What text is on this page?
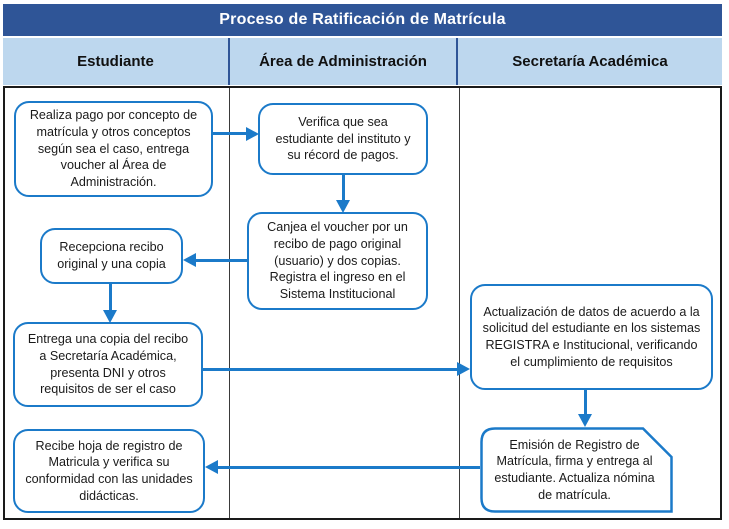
Proceso de Ratificación de Matrícula
Estudiante	Área de Administración	Secretaría Académica
Realiza pago por concepto de matrícula y otros conceptos según sea el caso, entrega voucher al Área de Administración.
Verifica que sea estudiante del instituto y su récord de pagos.
Canjea el voucher por un recibo de pago original (usuario) y dos copias. Registra el ingreso en el Sistema Institucional
Recepciona recibo original y una copia
Entrega una copia del recibo a Secretaría Académica, presenta DNI y otros requisitos de ser el caso
Actualización de datos de acuerdo a la solicitud del estudiante en los sistemas REGISTRA e Institucional, verificando el cumplimiento de requisitos
Emisión de Registro de Matrícula, firma y entrega al estudiante. Actualiza nómina de matrícula.
Recibe hoja de registro de Matricula y verifica su conformidad con las unidades didácticas.
